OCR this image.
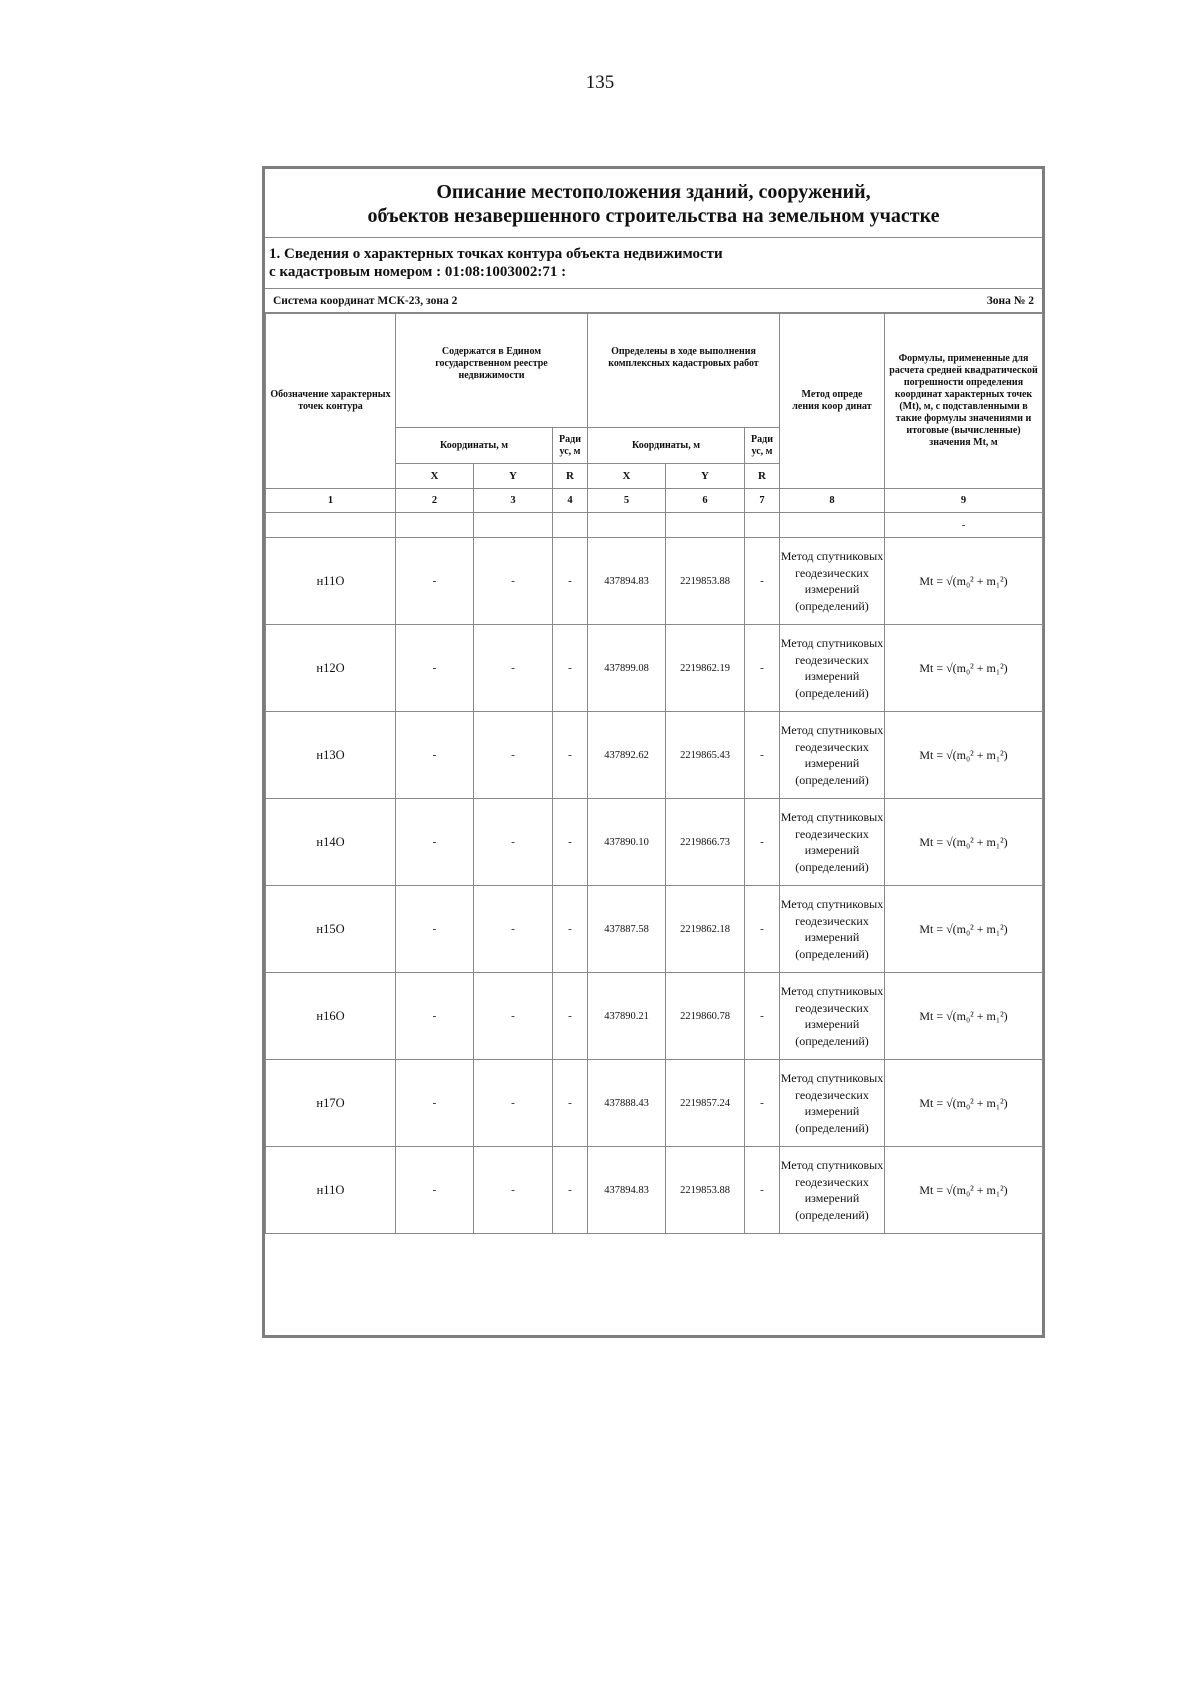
135
Описание местоположения зданий, сооружений,
объектов незавершенного строительства на земельном участке
1. Сведения о характерных точках контура объекта недвижимости
с кадастровым номером : 01:08:1003002:71 :
Система координат МСК-23, зона 2	Зона № 2
Обозначение характерных точек контура	Содержатся в Едином государственном реестре недвижимости			Определены в ходе выполнения комплексных кадастровых работ			Метод опреде ления коор динат	Формулы, примененные для расчета средней квадратической погрешности определения координат характерных точек (Mt), м, с подставленными в такие формулы значениями и итоговые (вычисленные) значения Mt, м
	Координаты, м		Ради ус, м	Координаты, м		Ради ус, м		
	X	Y	R	X	Y	R		
1	2	3	4	5	6	7	8	9
								-
н11О	-	-	-	437894.83	2219853.88	-	Метод спутниковых геодезических измерений (определений)	Mt = √(m₀² + m₁²)
н12О	-	-	-	437899.08	2219862.19	-	Метод спутниковых геодезических измерений (определений)	Mt = √(m₀² + m₁²)
н13О	-	-	-	437892.62	2219865.43	-	Метод спутниковых геодезических измерений (определений)	Mt = √(m₀² + m₁²)
н14О	-	-	-	437890.10	2219866.73	-	Метод спутниковых геодезических измерений (определений)	Mt = √(m₀² + m₁²)
н15О	-	-	-	437887.58	2219862.18	-	Метод спутниковых геодезических измерений (определений)	Mt = √(m₀² + m₁²)
н16О	-	-	-	437890.21	2219860.78	-	Метод спутниковых геодезических измерений (определений)	Mt = √(m₀² + m₁²)
н17О	-	-	-	437888.43	2219857.24	-	Метод спутниковых геодезических измерений (определений)	Mt = √(m₀² + m₁²)
н11О	-	-	-	437894.83	2219853.88	-	Метод спутниковых геодезических измерений (определений)	Mt = √(m₀² + m₁²)
